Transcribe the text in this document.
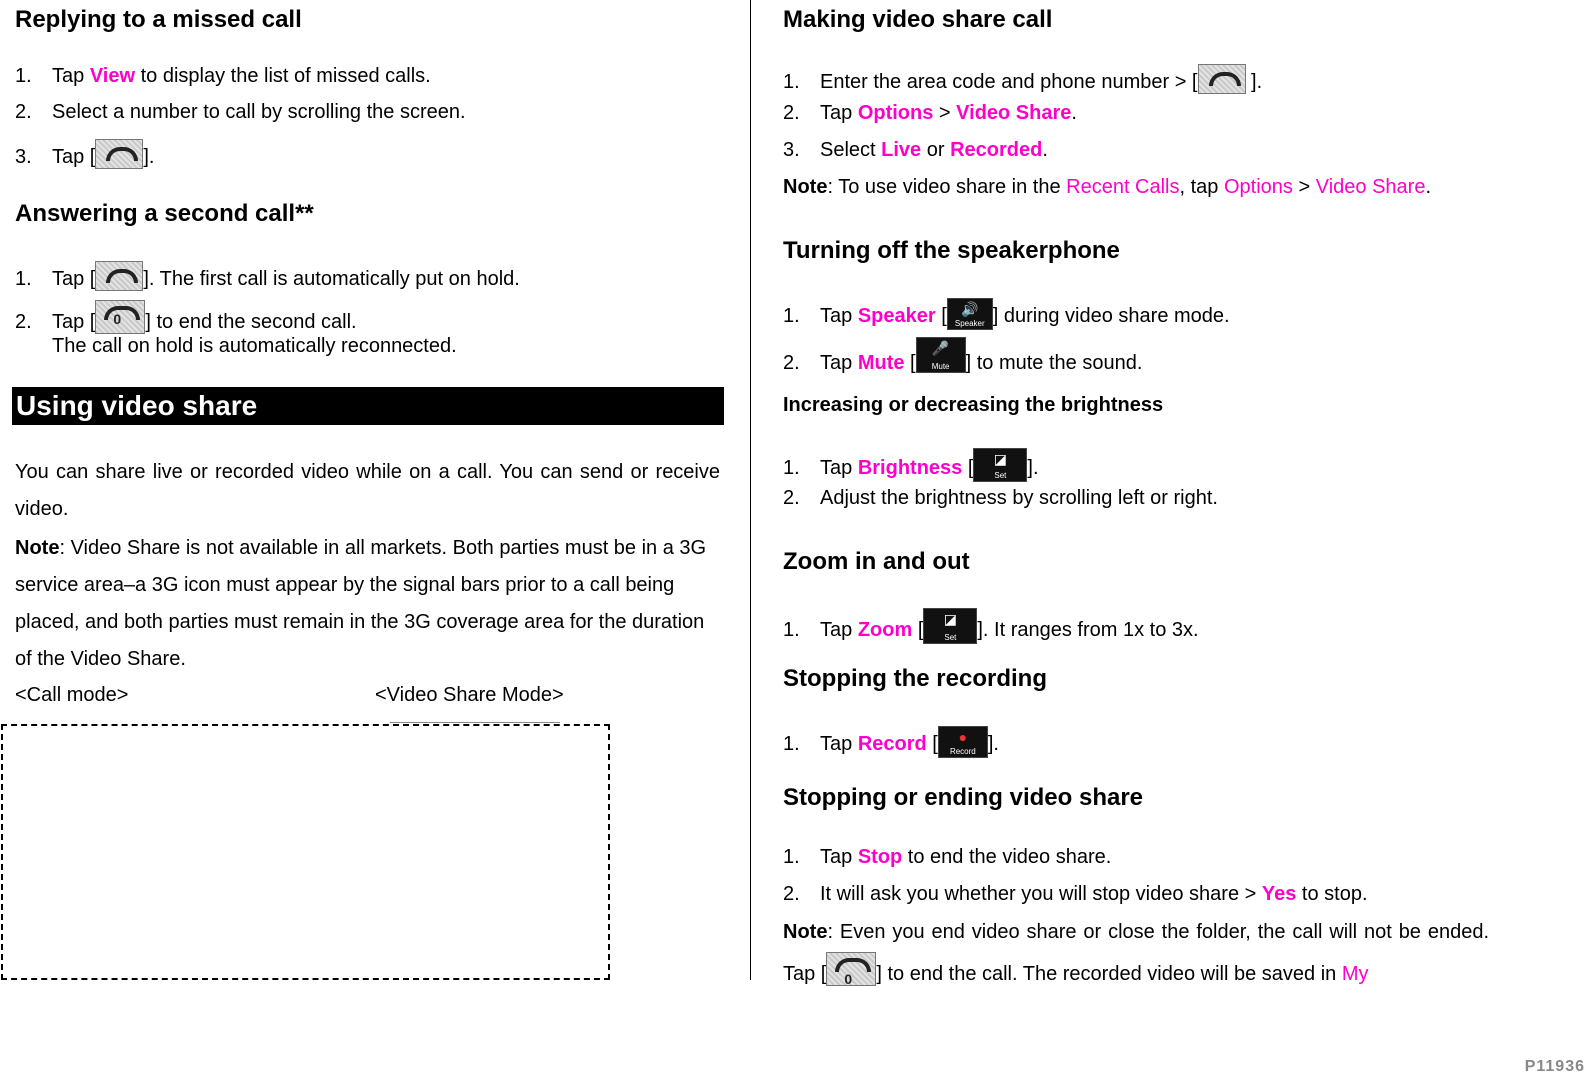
Replying to a missed call
1. Tap View to display the list of missed calls.
2. Select a number to call by scrolling the screen.
3. Tap [ ].
Answering a second call**
1. Tap [ ]. The first call is automatically put on hold.
2. Tap [ 0	] to end the second call.
The call on hold is automatically reconnected.
Using video share
You can share live or recorded video while on a call. You can send or receive video.
Note: Video Share is not available in all markets. Both parties must be in a 3G service area–a 3G icon must appear by the signal bars prior to a call being placed, and both parties must remain in the 3G coverage area for the duration of the Video Share.
<Call mode>	<Video Share Mode>
Making video share call
1. Enter the area code and phone number > [ ].
2. Tap Options > Video Share.
3. Select Live or Recorded.
Note: To use video share in the Recent Calls, tap Options > Video Share.
Turning off the speakerphone
1. Tap Speaker [	🔊
Speaker ] during video share mode.
2. Tap Mute [
🎤
Mute ] to mute the sound.
Increasing or decreasing the brightness
1. Tap Brightness [	◪
Set	].
2. Adjust the brightness by scrolling left or right.
Zoom in and out
1. Tap Zoom [	◪
Set	]. It ranges from 1x to 3x.
Stopping the recording
1. Tap Record [	●
Record ].
Stopping or ending video share
1. Tap Stop to end the video share.
2. It will ask you whether you will stop video share > Yes to stop.
Note: Even you end video share or close the folder, the call will not be ended. Tap [ 0	] to end the call. The recorded video will be saved in My
P11936
